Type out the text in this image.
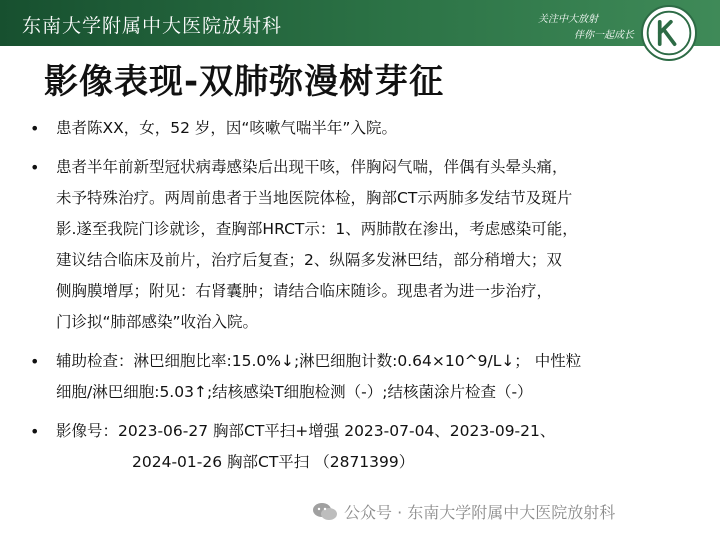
东南大学附属中大医院放射科	关注中大放射
伴你一起成长
影像表现-双肺弥漫树芽征
• 患者陈XX，女，52 岁，因“咳嗽气喘半年”入院。
• 患者半年前新型冠状病毒感染后出现干咳，伴胸闷气喘，伴偶有头晕头痛，
未予特殊治疗。两周前患者于当地医院体检，胸部CT示两肺多发结节及斑片
影.遂至我院门诊就诊，查胸部HRCT示：1、两肺散在渗出，考虑感染可能，
建议结合临床及前片，治疗后复查；2、纵隔多发淋巴结，部分稍增大；双
侧胸膜增厚；附见：右肾囊肿；请结合临床随诊。现患者为进一步治疗，
门诊拟“肺部感染”收治入院。
• 辅助检查：淋巴细胞比率:15.0%↓;淋巴细胞计数:0.64×10^9/L↓； 中性粒
细胞/淋巴细胞:5.03↑;结核感染T细胞检测（-）;结核菌涂片检查（-）
• 影像号：2023-06-27 胸部CT平扫+增强 2023-07-04、2023-09-21、
2024-01-26 胸部CT平扫 （2871399）
公众号 · 东南大学附属中大医院放射科
